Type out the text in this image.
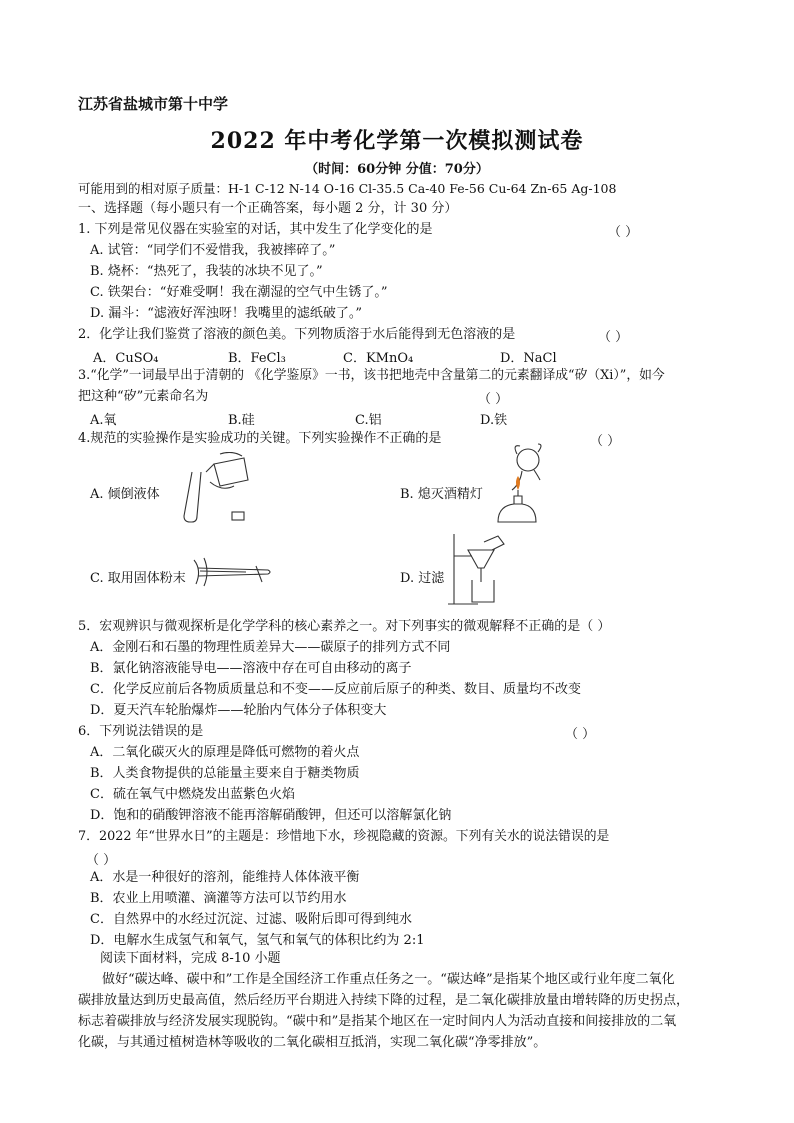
江苏省盐城市第十中学
2022 年中考化学第一次模拟测试卷
（时间：60分钟 分值：70分）
可能用到的相对原子质量：H-1 C-12 N-14 O-16 Cl-35.5 Ca-40 Fe-56 Cu-64 Zn-65 Ag-108
一、选择题（每小题只有一个正确答案，每小题 2 分，计 30 分）
1. 下列是常见仪器在实验室的对话，其中发生了化学变化的是	（ ）
A. 试管：“同学们不爱惜我，我被摔碎了。”
B. 烧杯：“热死了，我装的冰块不见了。”
C. 铁架台：“好难受啊！我在潮湿的空气中生锈了。”
D. 漏斗：“滤液好浑浊呀！我嘴里的滤纸破了。”
2．化学让我们鉴赏了溶液的颜色美。下列物质溶于水后能得到无色溶液的是	（ ）
A．CuSO₄	B．FeCl₃	C．KMnO₄	D．NaCl
3.“化学”一词最早出于清朝的 《化学鉴原》一书，该书把地壳中含量第二的元素翻译成“矽（Xi）”，如今
把这种“矽”元素命名为	（ ）
A.氧	B.硅	C.铝	D.铁
4.规范的实验操作是实验成功的关键。下列实验操作不正确的是	（ ）
A. 倾倒液体	B. 熄灭酒精灯
C. 取用固体粉末	D. 过滤
5．宏观辨识与微观探析是化学学科的核心素养之一。对下列事实的微观解释不正确的是（ ）
A．金刚石和石墨的物理性质差异大——碳原子的排列方式不同
B．氯化钠溶液能导电——溶液中存在可自由移动的离子
C．化学反应前后各物质质量总和不变——反应前后原子的种类、数目、质量均不改变
D．夏天汽车轮胎爆炸——轮胎内气体分子体积变大
6．下列说法错误的是	（ ）
A．二氧化碳灭火的原理是降低可燃物的着火点
B．人类食物提供的总能量主要来自于糖类物质
C．硫在氧气中燃烧发出蓝紫色火焰
D．饱和的硝酸钾溶液不能再溶解硝酸钾，但还可以溶解氯化钠
7．2022 年“世界水日”的主题是：珍惜地下水，珍视隐藏的资源。下列有关水的说法错误的是
（ ）
A．水是一种很好的溶剂，能维持人体体液平衡
B．农业上用喷灌、滴灌等方法可以节约用水
C．自然界中的水经过沉淀、过滤、吸附后即可得到纯水
D．电解水生成氢气和氧气，氢气和氧气的体积比约为 2:1
阅读下面材料，完成 8-10 小题
做好“碳达峰、碳中和”工作是全国经济工作重点任务之一。“碳达峰”是指某个地区或行业年度二氧化
碳排放量达到历史最高值，然后经历平台期进入持续下降的过程，是二氧化碳排放量由增转降的历史拐点，
标志着碳排放与经济发展实现脱钩。“碳中和”是指某个地区在一定时间内人为活动直接和间接排放的二氧
化碳，与其通过植树造林等吸收的二氧化碳相互抵消，实现二氧化碳“净零排放”。
